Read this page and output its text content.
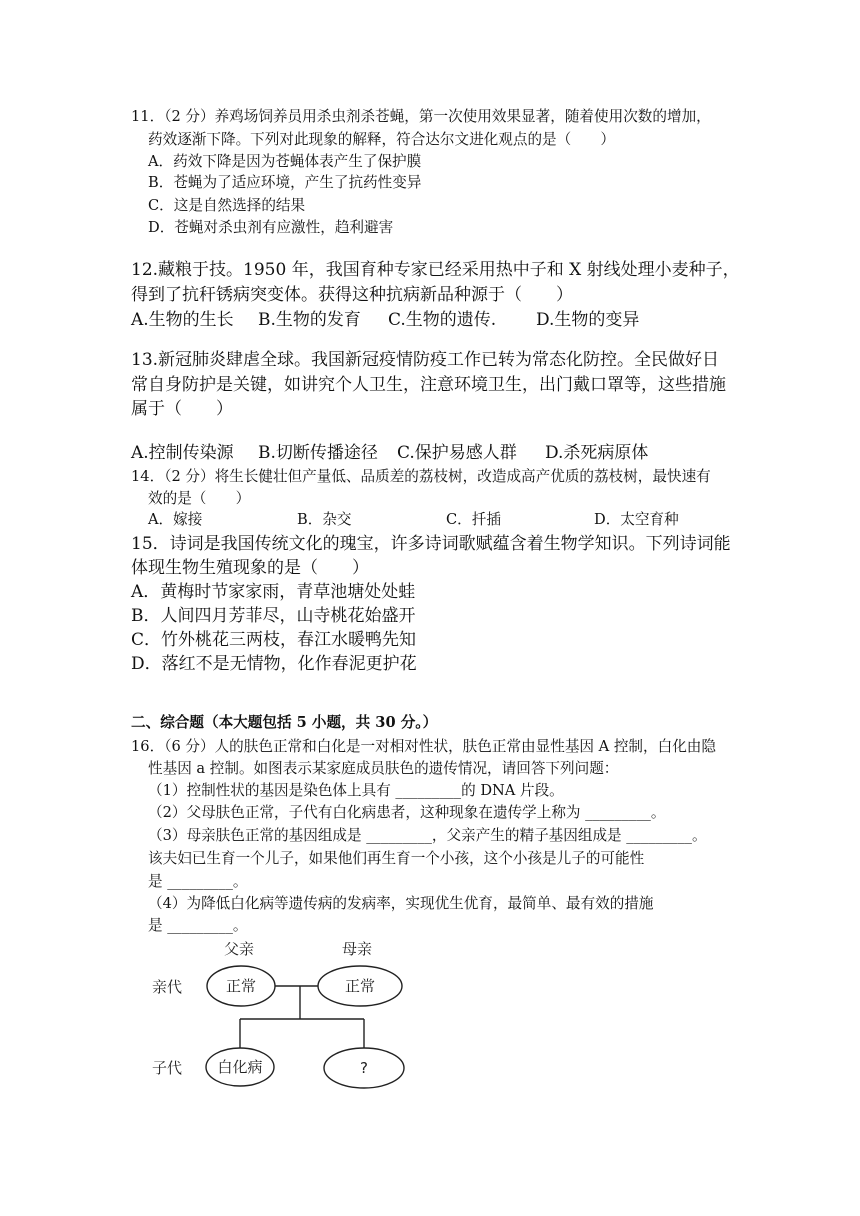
11．（2 分）养鸡场饲养员用杀虫剂杀苍蝇，第一次使用效果显著，随着使用次数的增加，
药效逐渐下降。下列对此现象的解释，符合达尔文进化观点的是（　　）
A．药效下降是因为苍蝇体表产生了保护膜
B．苍蝇为了适应环境，产生了抗药性变异
C．这是自然选择的结果
D．苍蝇对杀虫剂有应激性，趋利避害
12.藏粮于技。1950 年，我国育种专家已经采用热中子和 X 射线处理小麦种子，
得到了抗秆锈病突变体。获得这种抗病新品种源于（　　）
A.生物的生长 B.生物的发育 C.生物的遗传. D.生物的变异
13.新冠肺炎肆虐全球。我国新冠疫情防疫工作已转为常态化防控。全民做好日
常自身防护是关键，如讲究个人卫生，注意环境卫生，出门戴口罩等，这些措施
属于（　　）
A.控制传染源 B.切断传播途径 C.保护易感人群 D.杀死病原体
14．（2 分）将生长健壮但产量低、品质差的荔枝树，改造成高产优质的荔枝树，最快速有
效的是（　　）
A．嫁接	B．杂交	C．扦插	D．太空育种
15．诗词是我国传统文化的瑰宝，许多诗词歌赋蕴含着生物学知识。下列诗词能
体现生物生殖现象的是（　　）
A．黄梅时节家家雨，青草池塘处处蛙
B．人间四月芳菲尽，山寺桃花始盛开
C．竹外桃花三两枝，春江水暖鸭先知
D．落红不是无情物，化作春泥更护花
二、综合题（本大题包括 5 小题，共 30 分。）
16．（6 分）人的肤色正常和白化是一对相对性状，肤色正常由显性基因 A 控制，白化由隐
性基因 a 控制。如图表示某家庭成员肤色的遗传情况，请回答下列问题：
（1）控制性状的基因是染色体上具有 _________的 DNA 片段。
（2）父母肤色正常，子代有白化病患者，这种现象在遗传学上称为 _________。
（3）母亲肤色正常的基因组成是 _________，父亲产生的精子基因组成是 _________。
该夫妇已生育一个儿子，如果他们再生育一个小孩，这个小孩是儿子的可能性
是 _________。
（4）为降低白化病等遗传病的发病率，实现优生优育，最简单、最有效的措施
是 _________。
父亲	母亲
亲代
子代
正常	正常
白化病	?
